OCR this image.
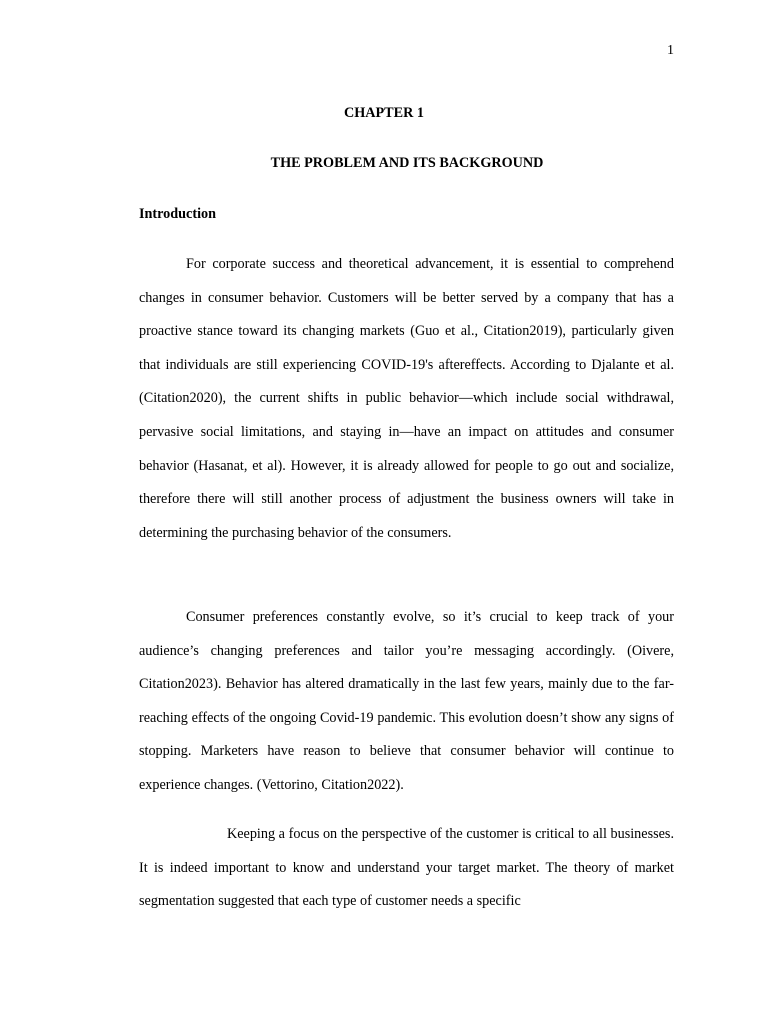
1
CHAPTER 1
THE PROBLEM AND ITS BACKGROUND
Introduction

For corporate success and theoretical advancement, it is essential to comprehend changes in consumer behavior. Customers will be better served by a company that has a proactive stance toward its changing markets (Guo et al., Citation2019), particularly given that individuals are still experiencing COVID-19's aftereffects. According to Djalante et al. (Citation2020), the current shifts in public behavior—which include social withdrawal, pervasive social limitations, and staying in—have an impact on attitudes and consumer behavior (Hasanat, et al). However, it is already allowed for people to go out and socialize, therefore there will still another process of adjustment the business owners will take in determining the purchasing behavior of the consumers.

Consumer preferences constantly evolve, so it’s crucial to keep track of your audience’s changing preferences and tailor you’re messaging accordingly. (Oivere, Citation2023). Behavior has altered dramatically in the last few years, mainly due to the far-reaching effects of the ongoing Covid-19 pandemic. This evolution doesn’t show any signs of stopping. Marketers have reason to believe that consumer behavior will continue to experience changes. (Vettorino, Citation2022).

Keeping a focus on the perspective of the customer is critical to all businesses. It is indeed important to know and understand your target market. The theory of market segmentation suggested that each type of customer needs a specific
